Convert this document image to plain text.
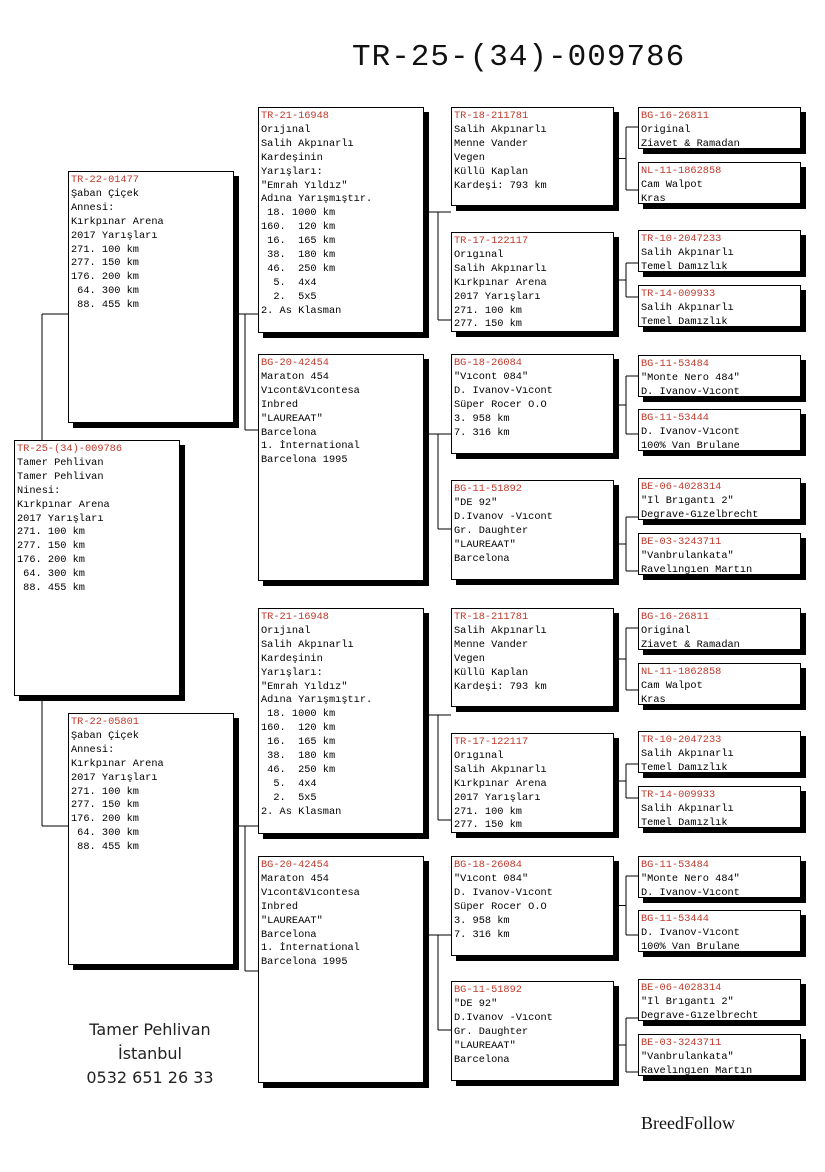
TR-25-(34)-009786
TR-25-(34)-009786
Tamer Pehlivan
Tamer Pehlivan
Ninesi:
Kırkpınar Arena
2017 Yarışları
271. 100 km
277. 150 km
176. 200 km
64. 300 km
88. 455 km
TR-22-01477
Şaban Çiçek
Annesi:
Kırkpınar Arena
2017 Yarışları
271. 100 km
277. 150 km
176. 200 km
64. 300 km
88. 455 km
TR-22-05801
Şaban Çiçek
Annesi:
Kırkpınar Arena
2017 Yarışları
271. 100 km
277. 150 km
176. 200 km
64. 300 km
88. 455 km
TR-21-16948
Orıjınal
Salih Akpınarlı
Kardeşinin
Yarışları:
"Emrah Yıldız"
Adına Yarışmıştır.
18. 1000 km
160.  120 km
16.  165 km
38.  180 km
46.  250 km
5.  4x4
2.  5x5
2. As Klasman
BG-20-42454
Maraton 454
Vıcont&Vıcontesa
Inbred
"LAUREAAT"
Barcelona
1. İnternational
Barcelona 1995
TR-21-16948
Orıjınal
Salih Akpınarlı
Kardeşinin
Yarışları:
"Emrah Yıldız"
Adına Yarışmıştır.
18. 1000 km
160.  120 km
16.  165 km
38.  180 km
46.  250 km
5.  4x4
2.  5x5
2. As Klasman
BG-20-42454
Maraton 454
Vıcont&Vıcontesa
Inbred
"LAUREAAT"
Barcelona
1. İnternational
Barcelona 1995
TR-18-211781
Salih Akpınarlı
Menne Vander
Vegen
Küllü Kaplan
Kardeşi: 793 km
TR-17-122117
Orıgınal
Salih Akpınarlı
Kırkpınar Arena
2017 Yarışları
271. 100 km
277. 150 km
BG-18-26084
"Vıcont 084"
D. Ivanov-Vıcont
Süper Rocer O.O
3. 958 km
7. 316 km
BG-11-51892
"DE 92"
D.Ivanov -Vıcont
Gr. Daughter
"LAUREAAT"
Barcelona
TR-18-211781
Salih Akpınarlı
Menne Vander
Vegen
Küllü Kaplan
Kardeşi: 793 km
TR-17-122117
Orıgınal
Salih Akpınarlı
Kırkpınar Arena
2017 Yarışları
271. 100 km
277. 150 km
BG-18-26084
"Vıcont 084"
D. Ivanov-Vıcont
Süper Rocer O.O
3. 958 km
7. 316 km
BG-11-51892
"DE 92"
D.Ivanov -Vıcont
Gr. Daughter
"LAUREAAT"
Barcelona
BG-16-26811
Original
Ziavet & Ramadan
NL-11-1862858
Cam Walpot
Kras
TR-10-2047233
Salih Akpınarlı
Temel Damızlık
TR-14-009933
Salih Akpınarlı
Temel Damızlık
BG-11-53484
"Monte Nero 484"
D. Ivanov-Vıcont
BG-11-53444
D. Ivanov-Vıcont
100% Van Brulane
BE-06-4028314
"Il Brıgantı 2"
Degrave-Gızelbrecht
BE-03-3243711
"Vanbrulankata"
Ravelıngıen Martın
BG-16-26811
Original
Ziavet & Ramadan
NL-11-1862858
Cam Walpot
Kras
TR-10-2047233
Salih Akpınarlı
Temel Damızlık
TR-14-009933
Salih Akpınarlı
Temel Damızlık
BG-11-53484
"Monte Nero 484"
D. Ivanov-Vıcont
BG-11-53444
D. Ivanov-Vıcont
100% Van Brulane
BE-06-4028314
"Il Brıgantı 2"
Degrave-Gızelbrecht
BE-03-3243711
"Vanbrulankata"
Ravelıngıen Martın
Tamer Pehlivan
İstanbul
0532 651 26 33
BreedFollow
